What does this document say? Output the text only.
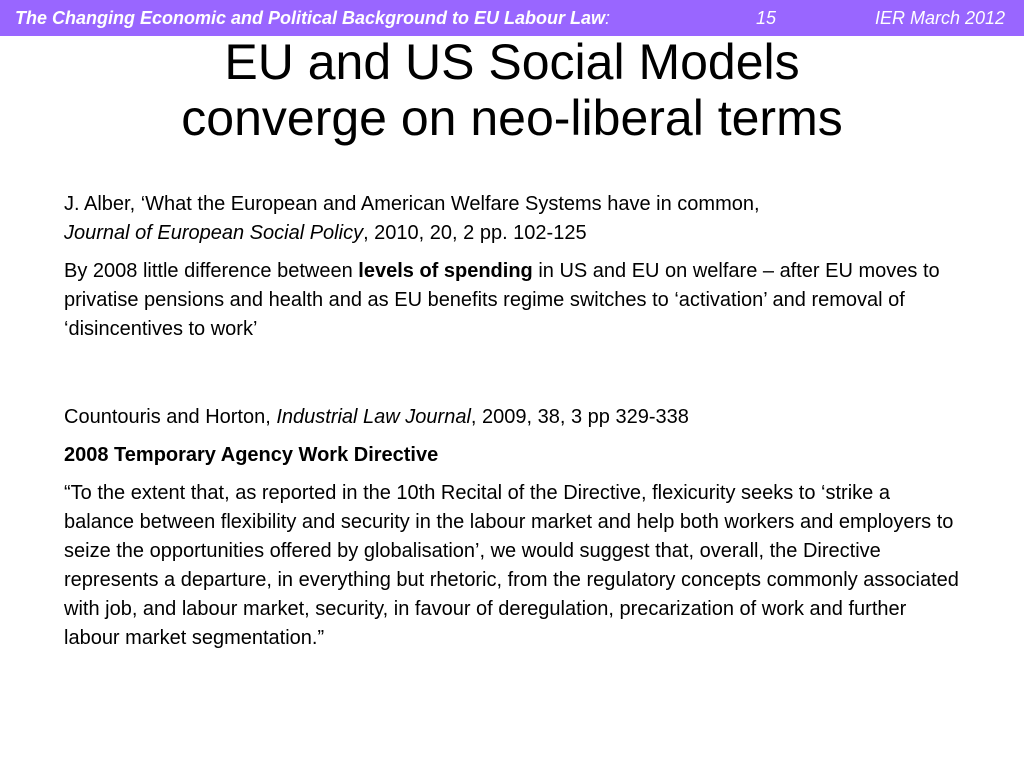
The Changing Economic and Political Background to EU Labour Law:	15	IER March 2012
EU and US Social Models
converge on neo-liberal terms

J. Alber, ‘What the European and American Welfare Systems have in common,
Journal of European Social Policy, 2010, 20, 2 pp. 102-125

By 2008 little difference between levels of spending in US and EU on welfare – after EU moves to privatise pensions and health and as EU benefits regime switches to ‘activation’ and removal of ‘disincentives to work’

Countouris and Horton, Industrial Law Journal, 2009, 38, 3 pp 329-338

2008 Temporary Agency Work Directive

“To the extent that, as reported in the 10th Recital of the Directive, flexicurity seeks to ‘strike a balance between flexibility and security in the labour market and help both workers and employers to seize the opportunities offered by globalisation’, we would suggest that, overall, the Directive represents a departure, in everything but rhetoric, from the regulatory concepts commonly associated with job, and labour market, security, in favour of deregulation, precarization of work and further labour market segmentation.”
